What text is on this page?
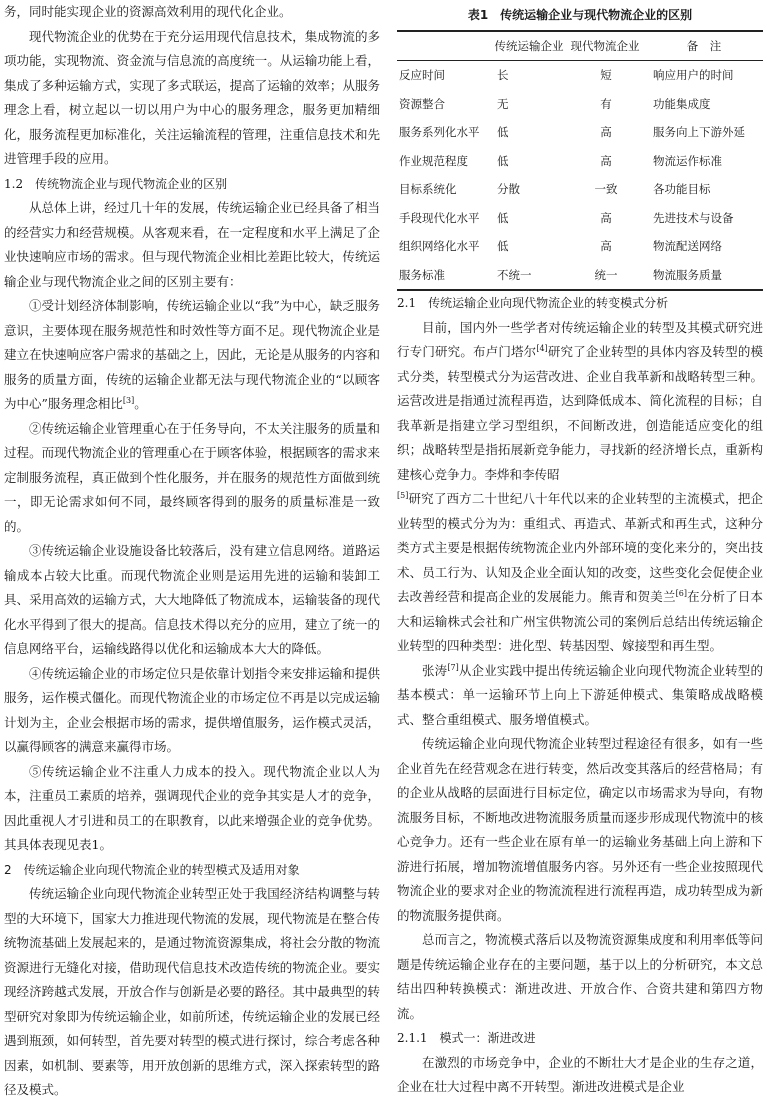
务，同时能实现企业的资源高效利用的现代化企业。

现代物流企业的优势在于充分运用现代信息技术，集成物流的多项功能，实现物流、资金流与信息流的高度统一。从运输功能上看，集成了多种运输方式，实现了多式联运，提高了运输的效率；从服务理念上看，树立起以一切以用户为中心的服务理念，服务更加精细化，服务流程更加标准化，关注运输流程的管理，注重信息技术和先进管理手段的应用。

1.2　传统物流企业与现代物流企业的区别

从总体上讲，经过几十年的发展，传统运输企业已经具备了相当的经营实力和经营规模。从客观来看，在一定程度和水平上满足了企业快速响应市场的需求。但与现代物流企业相比差距比较大，传统运输企业与现代物流企业之间的区别主要有：

①受计划经济体制影响，传统运输企业以“我”为中心，缺乏服务意识，主要体现在服务规范性和时效性等方面不足。现代物流企业是建立在快速响应客户需求的基础之上，因此，无论是从服务的内容和服务的质量方面，传统的运输企业都无法与现代物流企业的“以顾客为中心”服务理念相比[3]。

②传统运输企业管理重心在于任务导向，不太关注服务的质量和过程。而现代物流企业的管理重心在于顾客体验，根据顾客的需求来定制服务流程，真正做到个性化服务，并在服务的规范性方面做到统一，即无论需求如何不同，最终顾客得到的服务的质量标准是一致的。

③传统运输企业设施设备比较落后，没有建立信息网络。道路运输成本占较大比重。而现代物流企业则是运用先进的运输和装卸工具、采用高效的运输方式，大大地降低了物流成本，运输装备的现代化水平得到了很大的提高。信息技术得以充分的应用，建立了统一的信息网络平台，运输线路得以优化和运输成本大大的降低。

④传统运输企业的市场定位只是依靠计划指令来安排运输和提供服务，运作模式僵化。而现代物流企业的市场定位不再是以完成运输计划为主，企业会根据市场的需求，提供增值服务，运作模式灵活，以赢得顾客的满意来赢得市场。

⑤传统运输企业不注重人力成本的投入。现代物流企业以人为本，注重员工素质的培养，强调现代企业的竞争其实是人才的竞争，因此重视人才引进和员工的在职教育，以此来增强企业的竞争优势。其具体表现见表1。

2　传统运输企业向现代物流企业的转型模式及适用对象

传统运输企业向现代物流企业转型正处于我国经济结构调整与转型的大环境下，国家大力推进现代物流的发展，现代物流是在整合传统物流基础上发展起来的，是通过物流资源集成，将社会分散的物流资源进行无缝化对接，借助现代信息技术改造传统的物流企业。要实现经济跨越式发展，开放合作与创新是必要的路径。其中最典型的转型研究对象即为传统运输企业，如前所述，传统运输企业的发展已经遇到瓶颈，如何转型，首先要对转型的模式进行探讨，综合考虑各种因素，如机制、要素等，用开放创新的思维方式，深入探索转型的路径及模式。

表1　传统运输企业与现代物流企业的区别
	传统运输企业	现代物流企业	备　注
反应时间	长	短	响应用户的时间
资源整合	无	有	功能集成度
服务系列化水平	低	高	服务向上下游外延
作业规范程度	低	高	物流运作标准
目标系统化	分散	一致	各功能目标
手段现代化水平	低	高	先进技术与设备
组织网络化水平	低	高	物流配送网络
服务标准	不统一	统一	物流服务质量
2.1　传统运输企业向现代物流企业的转变模式分析

目前，国内外一些学者对传统运输企业的转型及其模式研究进行专门研究。布卢门塔尔[4]研究了企业转型的具体内容及转型的模式分类，转型模式分为运营改进、企业自我革新和战略转型三种。运营改进是指通过流程再造，达到降低成本、简化流程的目标；自我革新是指建立学习型组织，不间断改进，创造能适应变化的组织；战略转型是指拓展新竞争能力，寻找新的经济增长点，重新构建核心竞争力。李烨和李传昭

[5]研究了西方二十世纪八十年代以来的企业转型的主流模式，把企业转型的模式分为为：重组式、再造式、革新式和再生式，这种分类方式主要是根据传统物流企业内外部环境的变化来分的，突出技术、员工行为、认知及企业全面认知的改变，这些变化会促使企业去改善经营和提高企业的发展能力。熊青和贺美兰[6]在分析了日本大和运输株式会社和广州宝供物流公司的案例后总结出传统运输企业转型的四种类型：进化型、转基因型、嫁接型和再生型。

张涛[7]从企业实践中提出传统运输企业向现代物流企业转型的基本模式：单一运输环节上向上下游延伸模式、集策略成战略模式、整合重组模式、服务增值模式。

传统运输企业向现代物流企业转型过程途径有很多，如有一些企业首先在经营观念在进行转变，然后改变其落后的经营格局；有的企业从战略的层面进行目标定位，确定以市场需求为导向，有物流服务目标，不断地改进物流服务质量而逐步形成现代物流中的核心竞争力。还有一些企业在原有单一的运输业务基础上向上游和下游进行拓展，增加物流增值服务内容。另外还有一些企业按照现代物流企业的要求对企业的物流流程进行流程再造，成功转型成为新的物流服务提供商。

总而言之，物流模式落后以及物流资源集成度和利用率低等问题是传统运输企业存在的主要问题，基于以上的分析研究，本文总结出四种转换模式：渐进改进、开放合作、合资共建和第四方物流。

2.1.1　模式一：渐进改进

在激烈的市场竞争中，企业的不断壮大才是企业的生存之道，企业在壮大过程中离不开转型。渐进改进模式是企业
